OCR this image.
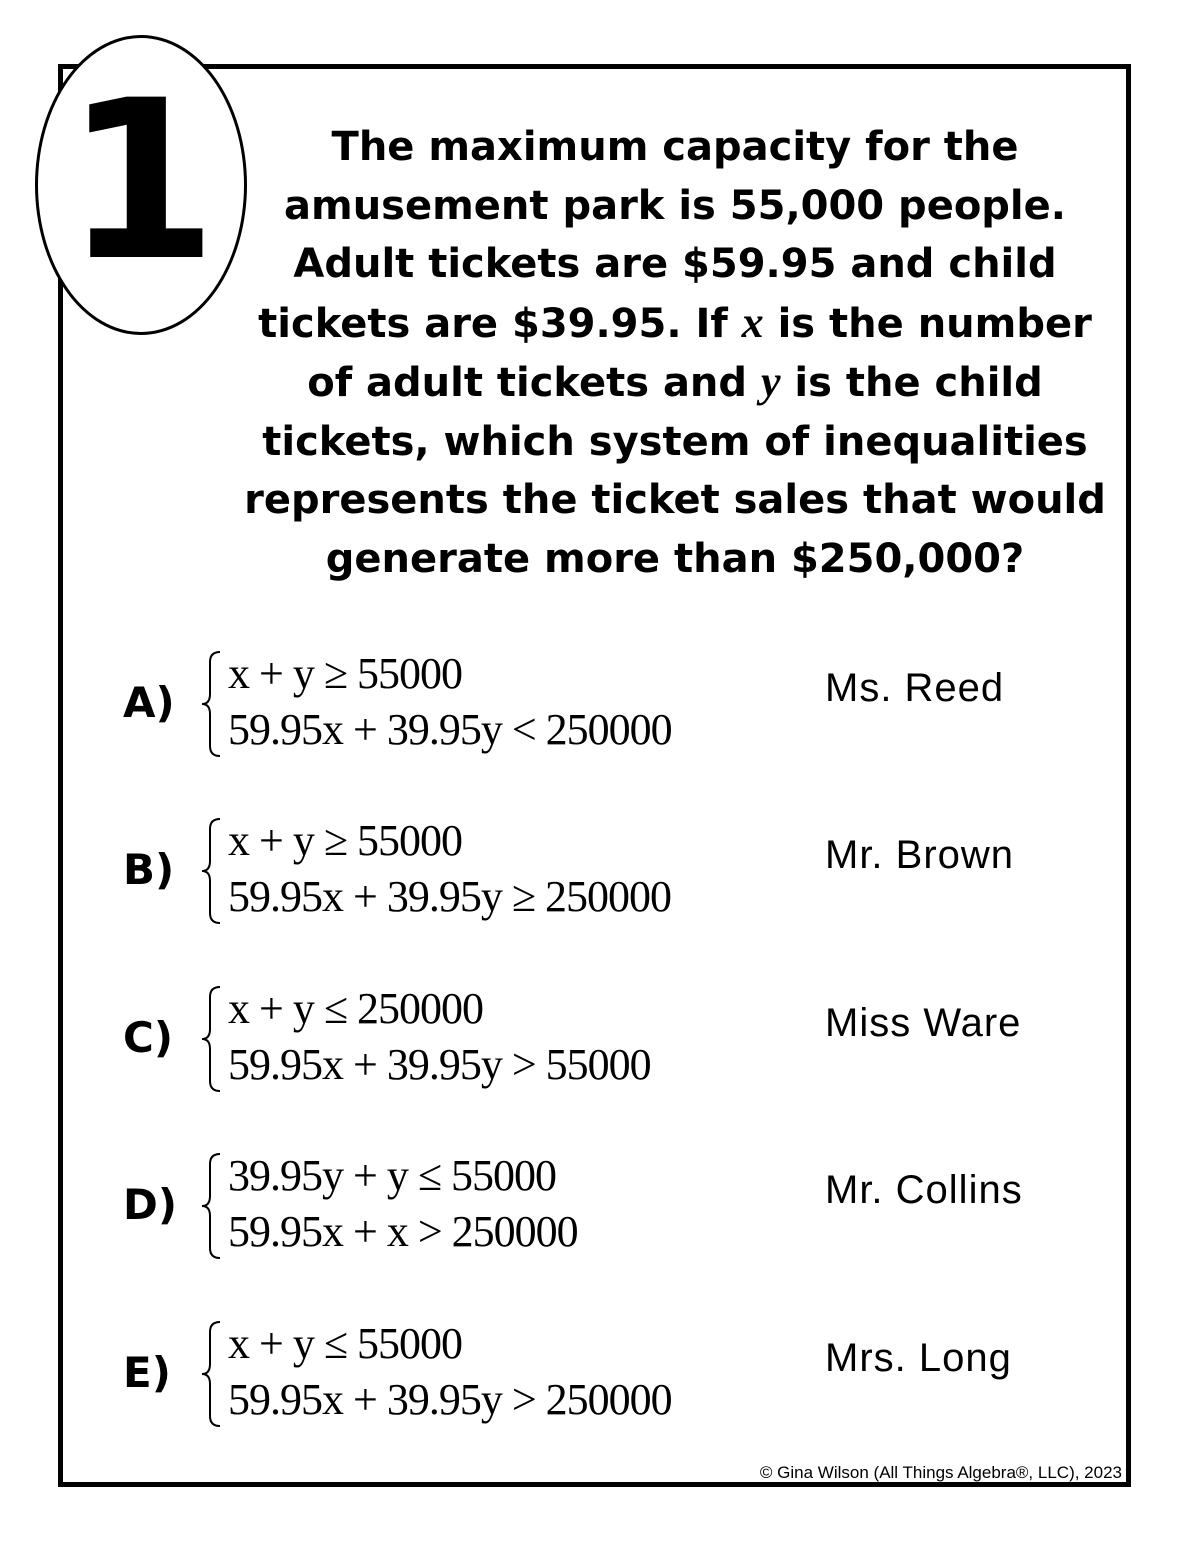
1	The maximum capacity for the amusement park is 55,000 people. Adult tickets are $59.95 and child tickets are $39.95. If x is the number of adult tickets and y is the child tickets, which system of inequalities represents the ticket sales that would generate more than $250,000?

A)
x + y ≥ 55000
59.95x + 39.95y < 250000
Ms. Reed
B)
x + y ≥ 55000
59.95x + 39.95y ≥ 250000
Mr. Brown
C)
x + y ≤ 250000
59.95x + 39.95y > 55000
Miss Ware
D)
39.95y + y ≤ 55000
59.95x + x > 250000
Mr. Collins
E)
x + y ≤ 55000
59.95x + 39.95y > 250000
Mrs. Long
© Gina Wilson (All Things Algebra®, LLC), 2023
